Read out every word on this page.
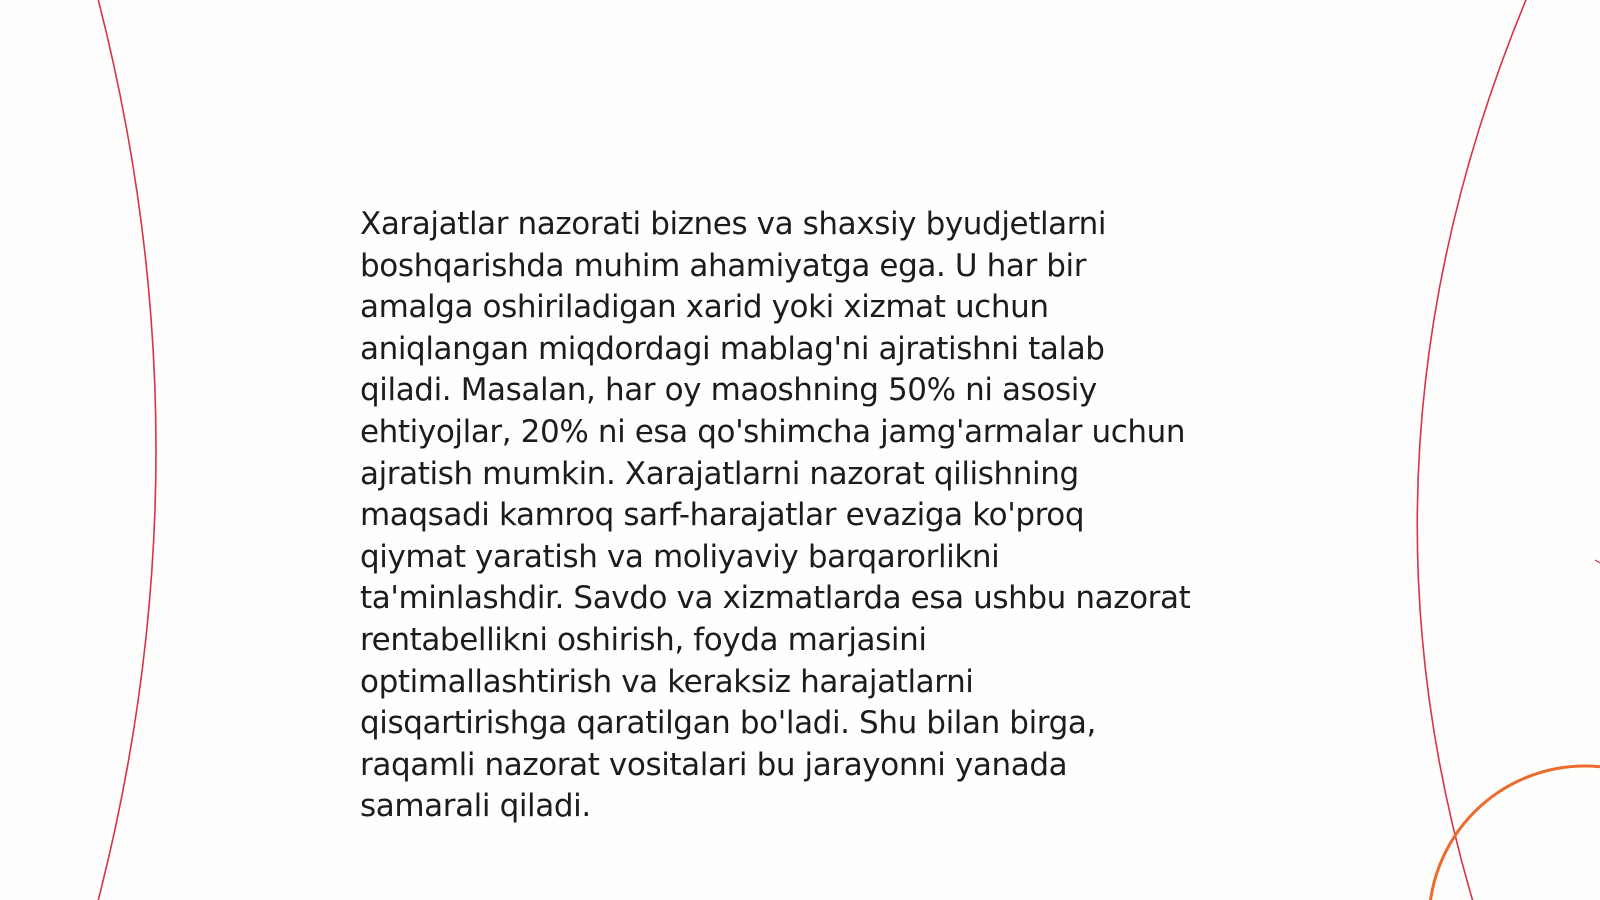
Xarajatlar nazorati biznes va shaxsiy byudjetlarni
boshqarishda muhim ahamiyatga ega. U har bir
amalga oshiriladigan xarid yoki xizmat uchun
aniqlangan miqdordagi mablag'ni ajratishni talab
qiladi. Masalan, har oy maoshning 50% ni asosiy
ehtiyojlar, 20% ni esa qo'shimcha jamg'armalar uchun
ajratish mumkin. Xarajatlarni nazorat qilishning
maqsadi kamroq sarf-harajatlar evaziga ko'proq
qiymat yaratish va moliyaviy barqarorlikni
ta'minlashdir. Savdo va xizmatlarda esa ushbu nazorat
rentabellikni oshirish, foyda marjasini
optimallashtirish va keraksiz harajatlarni
qisqartirishga qaratilgan bo'ladi. Shu bilan birga,
raqamli nazorat vositalari bu jarayonni yanada
samarali qiladi.
